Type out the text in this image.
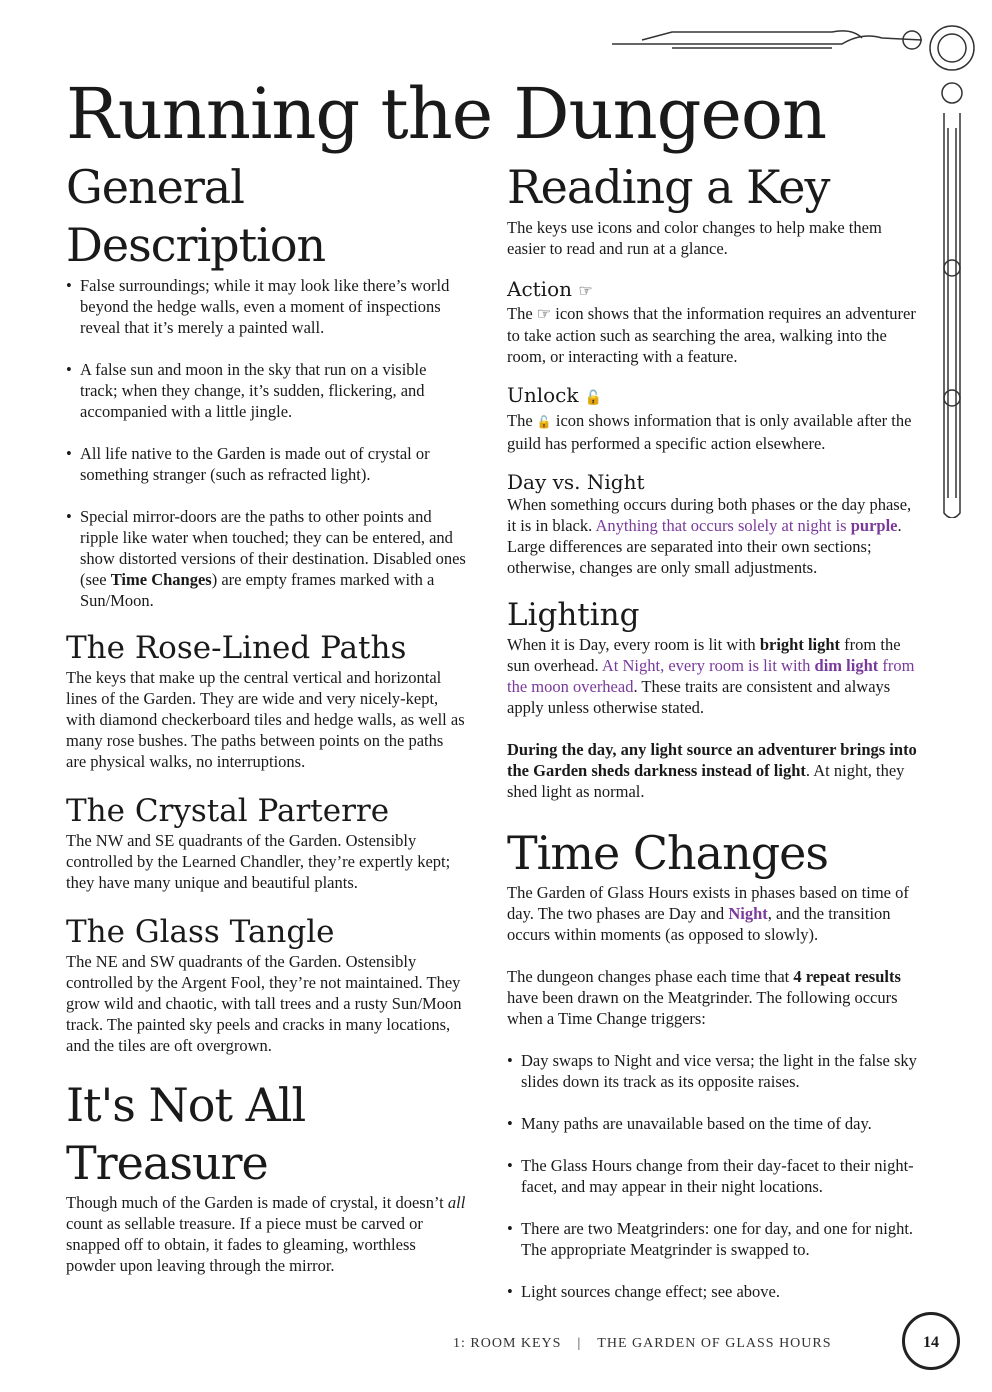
Running the Dungeon
General Description
• False surroundings; while it may look like there’s world beyond the hedge walls, even a moment of inspections reveal that it’s merely a painted wall.
• A false sun and moon in the sky that run on a visible track; when they change, it’s sudden, flickering, and accompanied with a little jingle.
• All life native to the Garden is made out of crystal or something stranger (such as refracted light).
• Special mirror-doors are the paths to other points and ripple like water when touched; they can be entered, and show distorted versions of their destination. Disabled ones (see Time Changes) are empty frames marked with a Sun/Moon.
The Rose-Lined Paths

The keys that make up the central vertical and horizontal lines of the Garden. They are wide and very nicely-kept, with diamond checkerboard tiles and hedge walls, as well as many rose bushes. The paths between points on the paths are physical walks, no interruptions.

The Crystal Parterre

The NW and SE quadrants of the Garden. Ostensibly controlled by the Learned Chandler, they’re expertly kept; they have many unique and beautiful plants.

The Glass Tangle

The NE and SW quadrants of the Garden. Ostensibly controlled by the Argent Fool, they’re not maintained. They grow wild and chaotic, with tall trees and a rusty Sun/Moon track. The painted sky peels and cracks in many locations, and the tiles are oft overgrown.

It's Not All Treasure

Though much of the Garden is made of crystal, it doesn’t all count as sellable treasure. If a piece must be carved or snapped off to obtain, it fades to gleaming, worthless powder upon leaving through the mirror.

Reading a Key

The keys use icons and color changes to help make them easier to read and run at a glance.

Action ☞

The ☞ icon shows that the information requires an adventurer to take action such as searching the area, walking into the room, or interacting with a feature.

Unlock 🔓

The 🔓 icon shows information that is only available after the guild has performed a specific action elsewhere.

Day vs. Night

When something occurs during both phases or the day phase, it is in black. Anything that occurs solely at night is purple. Large differences are separated into their own sections; otherwise, changes are only small adjustments.

Lighting

When it is Day, every room is lit with bright light from the sun overhead. At Night, every room is lit with dim light from the moon overhead. These traits are consistent and always apply unless otherwise stated.

During the day, any light source an adventurer brings into the Garden sheds darkness instead of light. At night, they shed light as normal.

Time Changes

The Garden of Glass Hours exists in phases based on time of day. The two phases are Day and Night, and the transition occurs within moments (as opposed to slowly).

The dungeon changes phase each time that 4 repeat results have been drawn on the Meatgrinder. The following occurs when a Time Change triggers:

• Day swaps to Night and vice versa; the light in the false sky slides down its track as its opposite raises.
• Many paths are unavailable based on the time of day.
• The Glass Hours change from their day-facet to their night-facet, and may appear in their night locations.
• There are two Meatgrinders: one for day, and one for night. The appropriate Meatgrinder is swapped to.
• Light sources change effect; see above.
1: ROOM KEYS | THE GARDEN OF GLASS HOURS	14
